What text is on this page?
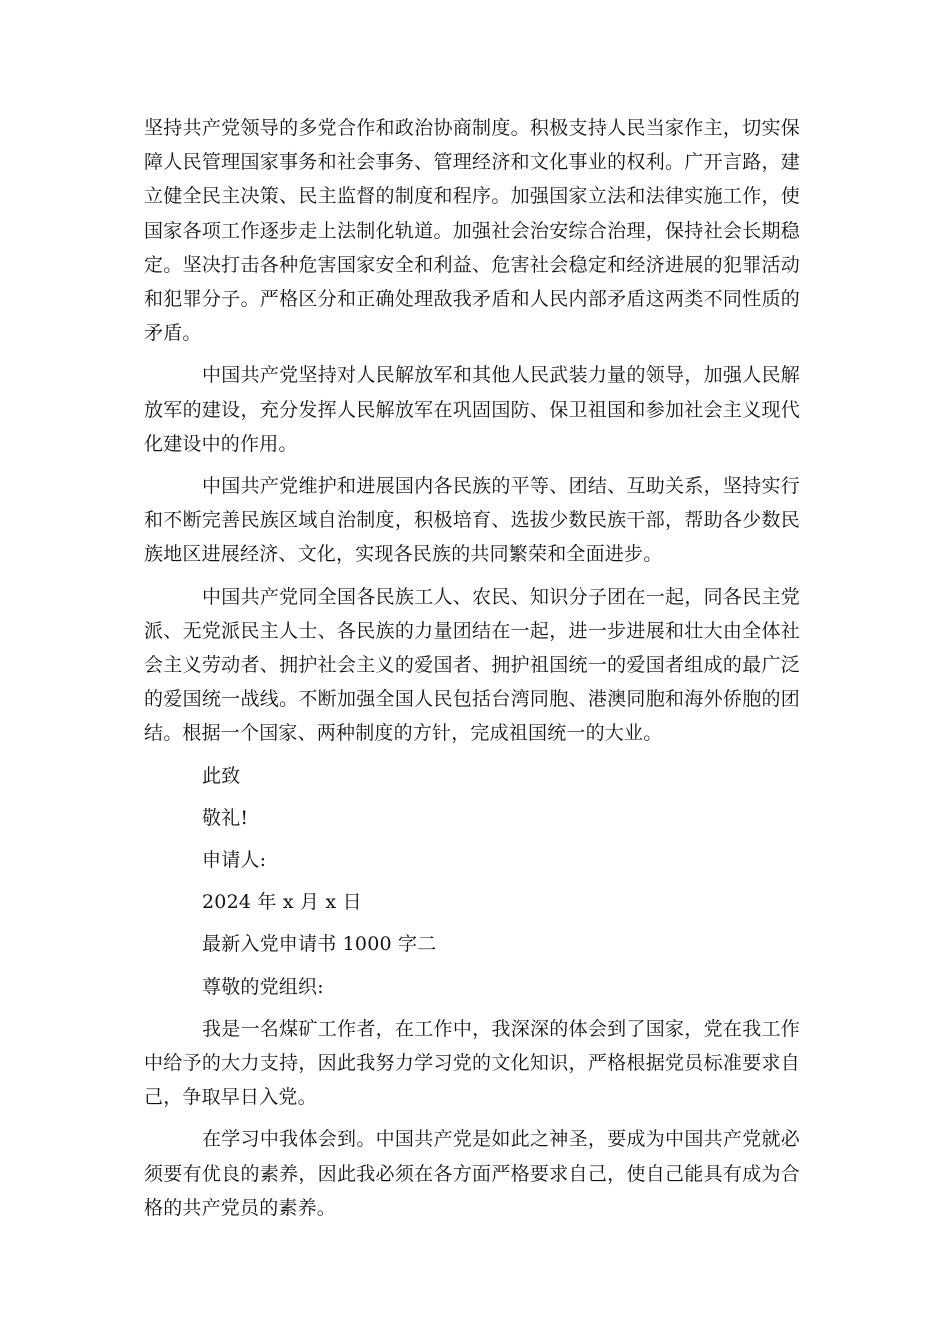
坚持共产党领导的多党合作和政治协商制度。积极支持人民当家作主，切实保障人民管理国家事务和社会事务、管理经济和文化事业的权利。广开言路，建立健全民主决策、民主监督的制度和程序。加强国家立法和法律实施工作，使国家各项工作逐步走上法制化轨道。加强社会治安综合治理，保持社会长期稳定。坚决打击各种危害国家安全和利益、危害社会稳定和经济进展的犯罪活动和犯罪分子。严格区分和正确处理敌我矛盾和人民内部矛盾这两类不同性质的矛盾。

中国共产党坚持对人民解放军和其他人民武装力量的领导，加强人民解放军的建设，充分发挥人民解放军在巩固国防、保卫祖国和参加社会主义现代化建设中的作用。

中国共产党维护和进展国内各民族的平等、团结、互助关系，坚持实行和不断完善民族区域自治制度，积极培育、选拔少数民族干部，帮助各少数民族地区进展经济、文化，实现各民族的共同繁荣和全面进步。

中国共产党同全国各民族工人、农民、知识分子团在一起，同各民主党派、无党派民主人士、各民族的力量团结在一起，进一步进展和壮大由全体社会主义劳动者、拥护社会主义的爱国者、拥护祖国统一的爱国者组成的最广泛的爱国统一战线。不断加强全国人民包括台湾同胞、港澳同胞和海外侨胞的团结。根据一个国家、两种制度的方针，完成祖国统一的大业。

此致

敬礼!

申请人:

2024 年 x 月 x 日

最新入党申请书 1000 字二

尊敬的党组织:

我是一名煤矿工作者，在工作中，我深深的体会到了国家，党在我工作中给予的大力支持，因此我努力学习党的文化知识，严格根据党员标准要求自己，争取早日入党。

在学习中我体会到。中国共产党是如此之神圣，要成为中国共产党就必须要有优良的素养，因此我必须在各方面严格要求自己，使自己能具有成为合格的共产党员的素养。
